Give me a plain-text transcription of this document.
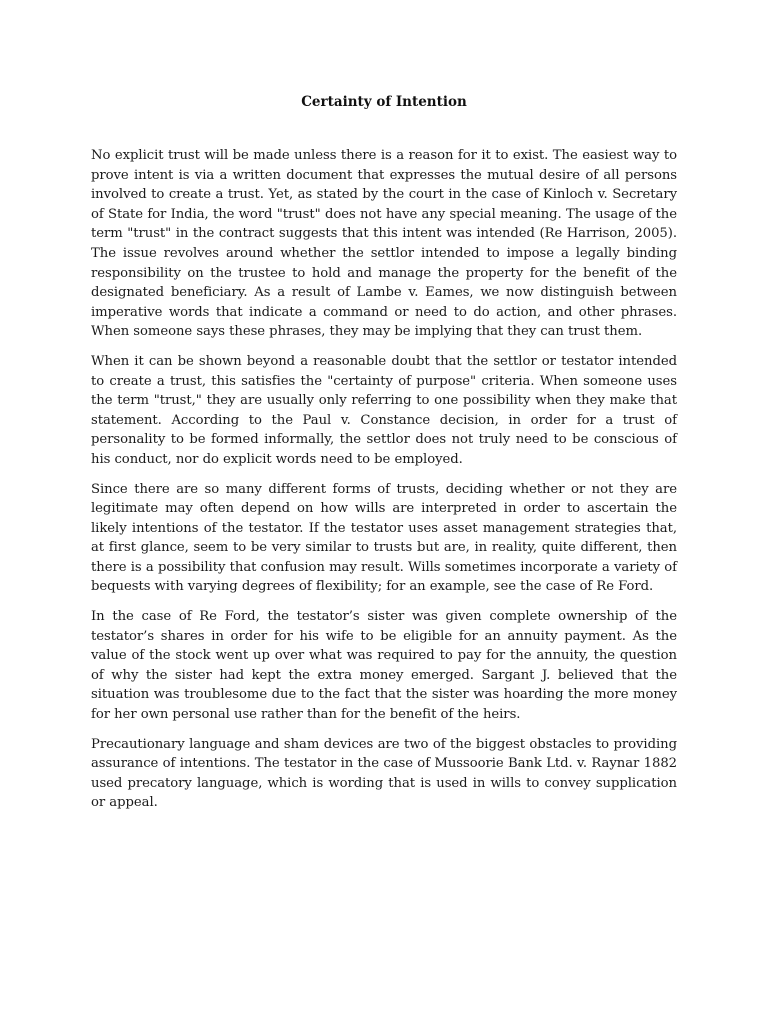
Certainty of Intention

No explicit trust will be made unless there is a reason for it to exist. The easiest way to prove intent is via a written document that expresses the mutual desire of all persons involved to create a trust. Yet, as stated by the court in the case of Kinloch v. Secretary of State for India, the word "trust" does not have any special meaning. The usage of the term "trust" in the contract suggests that this intent was intended (Re Harrison, 2005). The issue revolves around whether the settlor intended to impose a legally binding responsibility on the trustee to hold and manage the property for the benefit of the designated beneficiary. As a result of Lambe v. Eames, we now distinguish between imperative words that indicate a command or need to do action, and other phrases. When someone says these phrases, they may be implying that they can trust them.

When it can be shown beyond a reasonable doubt that the settlor or testator intended to create a trust, this satisfies the "certainty of purpose" criteria. When someone uses the term "trust," they are usually only referring to one possibility when they make that statement. According to the Paul v. Constance decision, in order for a trust of personality to be formed informally, the settlor does not truly need to be conscious of his conduct, nor do explicit words need to be employed.

Since there are so many different forms of trusts, deciding whether or not they are legitimate may often depend on how wills are interpreted in order to ascertain the likely intentions of the testator. If the testator uses asset management strategies that, at first glance, seem to be very similar to trusts but are, in reality, quite different, then there is a possibility that confusion may result. Wills sometimes incorporate a variety of bequests with varying degrees of flexibility; for an example, see the case of Re Ford.

In the case of Re Ford, the testator’s sister was given complete ownership of the testator’s shares in order for his wife to be eligible for an annuity payment. As the value of the stock went up over what was required to pay for the annuity, the question of why the sister had kept the extra money emerged. Sargant J. believed that the situation was troublesome due to the fact that the sister was hoarding the more money for her own personal use rather than for the benefit of the heirs.

Precautionary language and sham devices are two of the biggest obstacles to providing assurance of intentions. The testator in the case of Mussoorie Bank Ltd. v. Raynar 1882 used precatory language, which is wording that is used in wills to convey supplication or appeal.
